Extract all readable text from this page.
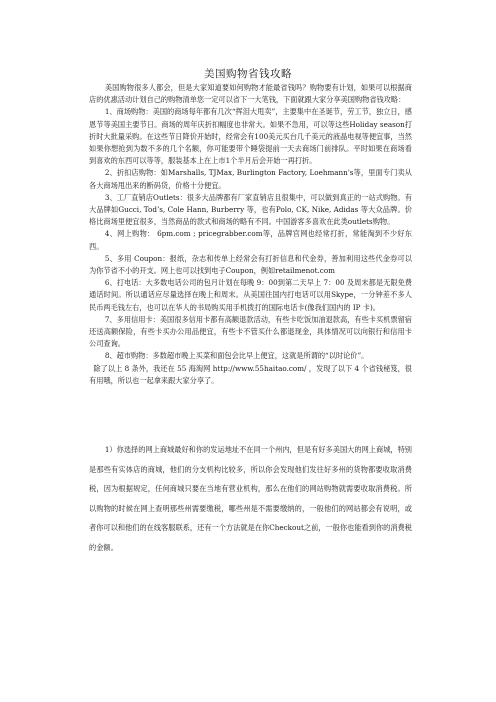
美国购物省钱攻略

美国购物很多人都会，但是大家知道要如何购物才能最省钱吗？购物要有计划，如果可以根据商店的优惠活动计划自己的购物清单您一定可以省下一大笔钱，下面就跟大家分享美国购物省钱攻略：

1、商场购物：美国的商场每年都有几次“挥泪大甩卖”，主要集中在圣诞节，劳工节，独立日，感恩节等美国主要节日。商场的周年庆折扣幅度也非常大。如果不急用，可以等这些Holiday season打折时大批量采购。在这些节日降价开始时，经常会有100美元买台几千美元的液晶电视等便宜事，当然如果你想抢到为数不多的几个名额，你可能要带个睡袋提前一天去商场门前排队。平时如果在商场看到喜欢的东西可以等等，服装基本上在上市1个半月后会开始一再打折。

2、折扣店购物：如Marshalls, TJMax, Burlington Factory, Loehmann's等，里面专门卖从各大商场甩出来的断码货，价格十分便宜。

3、工厂直销店Outlets：很多大品牌都有厂家直销店且很集中，可以做到真正的一站式购物。有大品牌如Gucci, Tod’s, Cole Hann, Burberry 等，也有Polo, CK, Nike, Adidas 等大众品牌。价格比商场里便宜很多，当然商品的款式和商场的略有不同。中国游客多喜欢在此类outlets购物。

4、网上购物： 6pm.com ; pricegrabber.com等，品牌官网也经常打折，常能淘到不少好东西。

5、多用 Coupon：报纸，杂志和传单上经常会有打折信息和代金券，善加利用这些代金券可以为你节省不小的开支。网上也可以找到电子Coupon，例如retailmenot.com

6、打电话：大多数电话公司的包月计划在每晚 9：00到第二天早上 7：00 及周末都是无限免费通话时间。所以通话应尽量选择在晚上和周末。从美国往国内打电话可以用Skype，一分钟差不多人民币两毛钱左右，也可以在华人的书局购买用手机拨打的国际电话卡(像我们国内的 IP 卡)。

7、多用信用卡：美国很多信用卡都有高额退款活动，有些卡吃饭加油退款高，有些卡买机票留宿还送高额保险，有些卡买办公用品便宜，有些卡不管买什么都退现金，具体情况可以向银行和信用卡公司查询。

8、超市购物：多数超市晚上买菜和面包会比早上便宜，这就是所谓的“以时论价”。

除了以上 8 条外，我还在 55 海淘网 http://www.55haitao.com/ ，发现了以下 4 个省钱秘笈，很有用哦，所以也一起拿来跟大家分享了。

1）你选择的网上商城最好和你的发运地址不在同一个州内，但是有好多美国大的网上商城，特别是那些有实体店的商城，他们的分支机构比较多，所以你会发现他们发往好多州的货物都要收取消费税，因为根据规定，任何商城只要在当地有营业机构，那么在他们的网站购物就需要收取消费税。所以购物的时候在网上查明那些州需要缴税，哪些州是不需要缴纳的，一般他们的网站都会有说明，或者你可以和他们的在线客服联系，还有一个方法就是在你Checkout之前，一般你也能看到你的消费税的金额。
